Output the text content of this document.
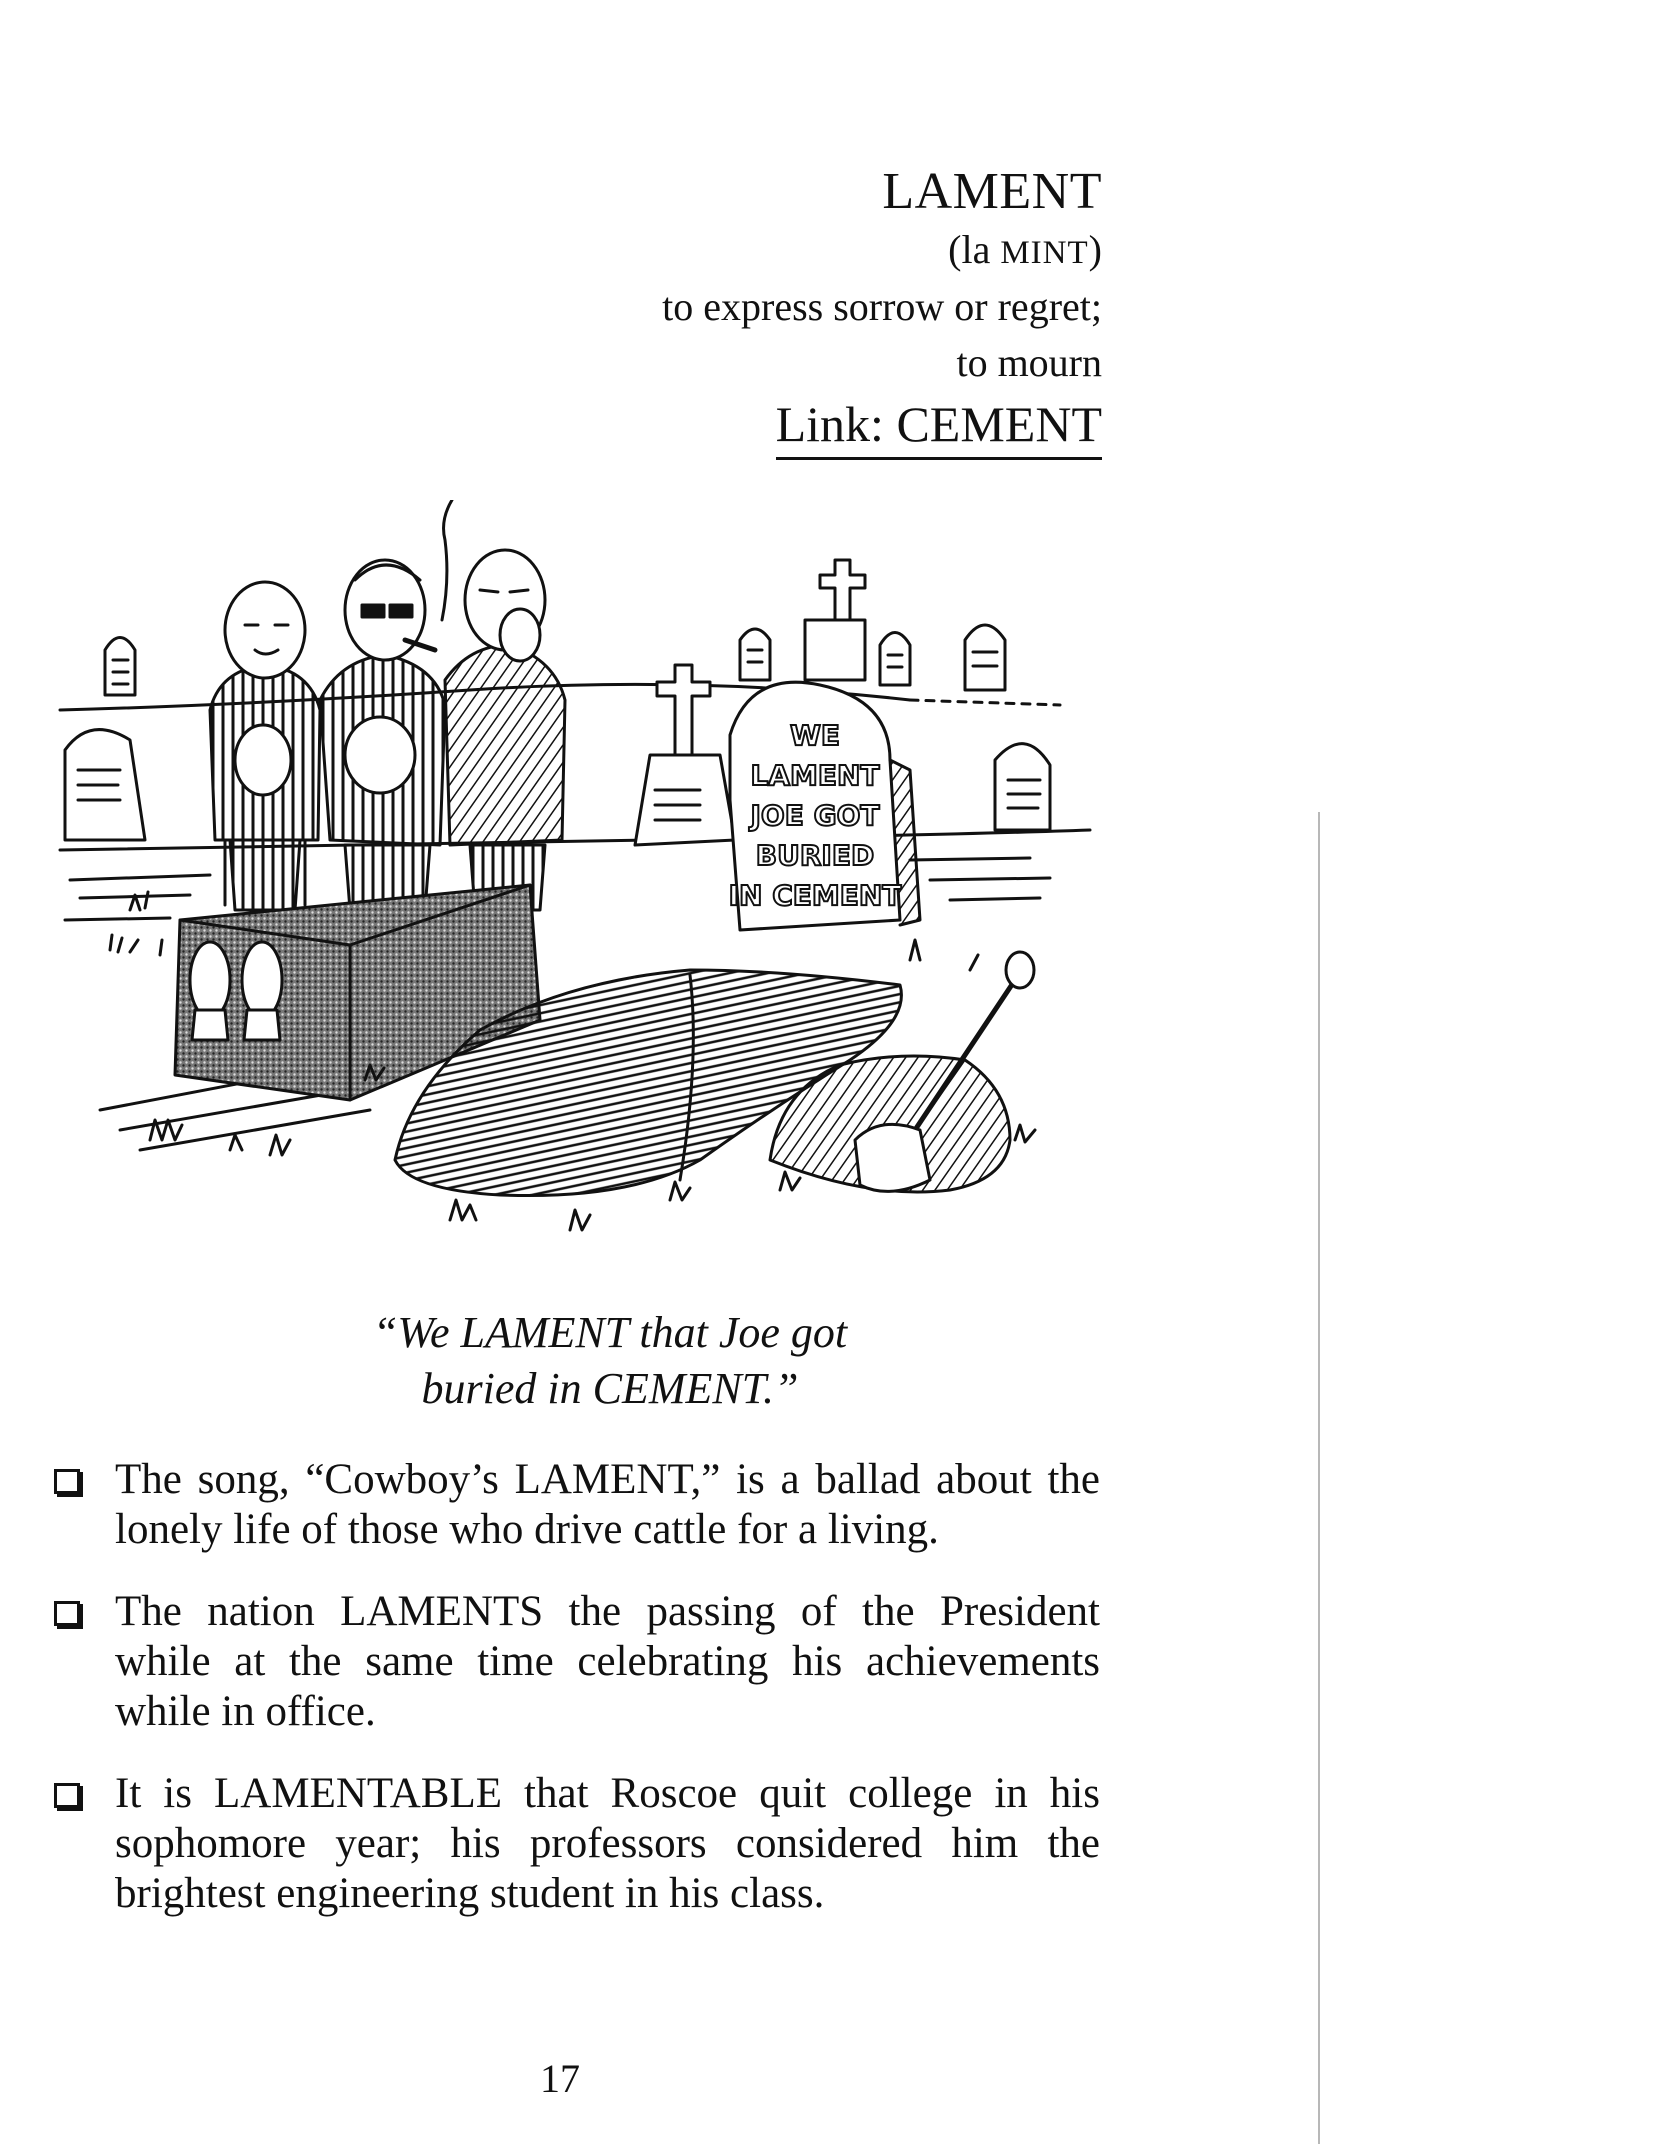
LAMENT
(la MINT)
to express sorrow or regret;
to mourn
Link: CEMENT
WE
LAMENT
JOE GOT
BURIED
IN CEMENT
“We LAMENT that Joe got
buried in CEMENT.”
The song, “Cowboy’s LAMENT,” is a ballad about the lonely life of those who drive cattle for a living.
The nation LAMENTS the passing of the President while at the same time celebrating his achievements while in office.
It is LAMENTABLE that Roscoe quit college in his sophomore year; his professors considered him the brightest engineering student in his class.
17
